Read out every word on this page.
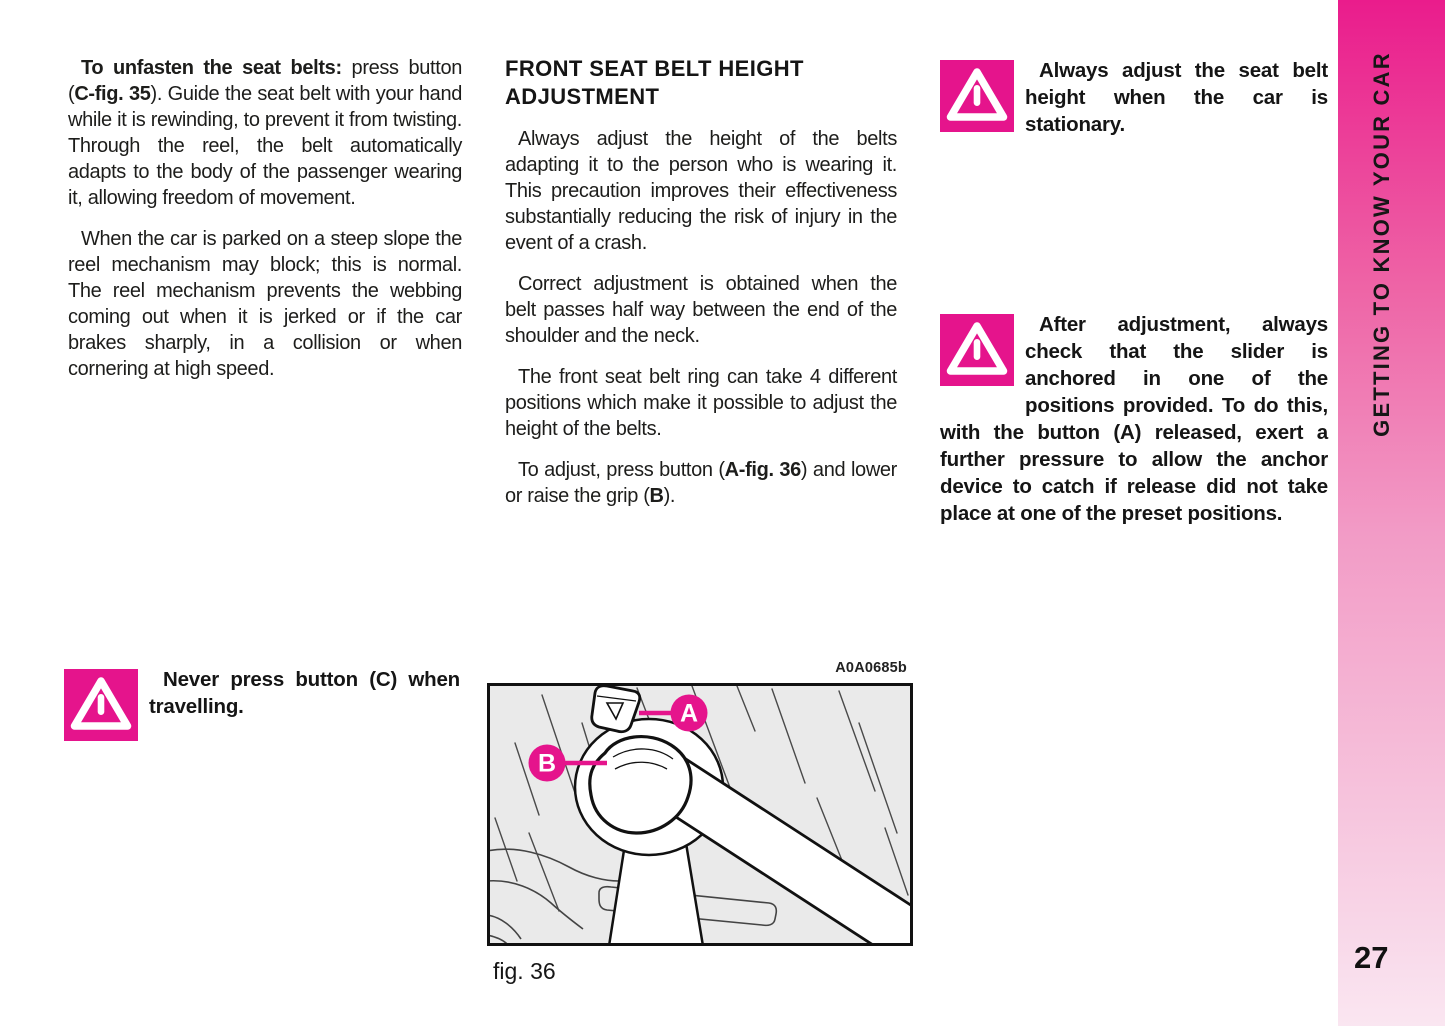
To unfasten the seat belts: press button (C-fig. 35). Guide the seat belt with your hand while it is rewinding, to prevent it from twisting. Through the reel, the belt automatically adapts to the body of the passenger wearing it, allowing freedom of movement.

When the car is parked on a steep slope the reel mechanism may block; this is normal. The reel mechanism prevents the webbing coming out when it is jerked or if the car brakes sharply, in a collision or when cornering at high speed.

FRONT SEAT BELT HEIGHT ADJUSTMENT

Always adjust the height of the belts adapting it to the person who is wearing it. This precaution improves their effectiveness substantially reducing the risk of injury in the event of a crash.

Correct adjustment is obtained when the belt passes half way between the end of the shoulder and the neck.

The front seat belt ring can take 4 different positions which make it possible to adjust the height of the belts.

To adjust, press button (A-fig. 36) and lower or raise the grip (B).

Always adjust the seat belt height when the car is stationary.
After adjustment, always check that the slider is anchored in one of the positions provided. To do this, with the button (A) released, exert a further pressure to allow the anchor device to catch if release did not take place at one of the preset positions.
Never press button (C) when travelling.
A0A0685b
A
B
fig. 36
GETTING TO KNOW YOUR CAR
27
